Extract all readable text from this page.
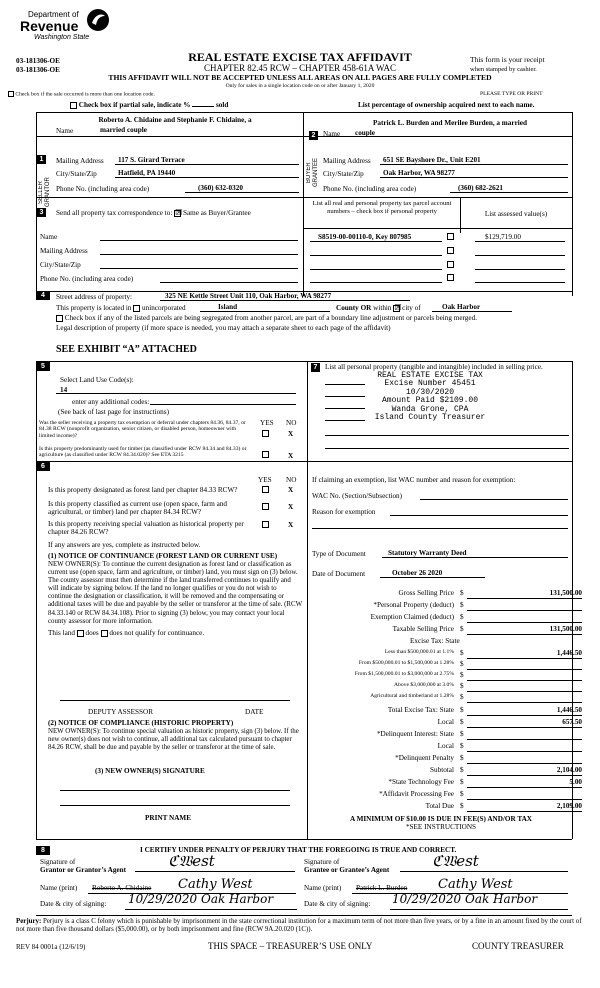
Department of
Revenue
Washington State
03-181306-OE
03-181306-OE
REAL ESTATE EXCISE TAX AFFIDAVIT
CHAPTER 82.45 RCW – CHAPTER 458-61A WAC
This form is your receipt
when stamped by cashier.
THIS AFFIDAVIT WILL NOT BE ACCEPTED UNLESS ALL AREAS ON ALL PAGES ARE FULLY COMPLETED
Only for sales in a single location code on or after January 1, 2020
Check box if the sale occurred is more than one location code.	PLEASE TYPE OR PRINT
Check box if partial sale, indicate %	sold	List percentage of ownership acquired next to each name.
1
SELLER GRANTOR
Roberto A. Chidaine and Stephanie F. Chidaine, a
Name	married couple
Mailing Address 117 S. Girard Terrace
City/State/Zip	Hatfield, PA 19440
Phone No. (including area code)	(360) 632-0320
2
BUYER GRANTEE
Patrick L. Burden and Merilee Burden, a married
Name couple
Mailing Address 651 SE Bayshore Dr., Unit E201
City/State/Zip	Oak Harbor, WA 98277
Phone No. (including area code)	(360) 682-2621
3	Send all property tax correspondence to: ☒ Same as Buyer/Grantee
Name
Mailing Address
City/State/Zip
Phone No. (including area code)
List all real and personal property tax parcel account numbers – check box if personal property	List assessed value(s)
S8519-00-00110-0, Key 807985	$129,719.00
4	Street address of property:	325 NE Kettle Street Unit 110, Oak Harbor, WA 98277
This property is located in unincorporated	Island	County OR within ☒ city of	Oak Harbor
Check box if any of the listed parcels are being segregated from another parcel, are part of a boundary line adjustment or parcels being merged.
Legal description of property (if more space is needed, you may attach a separate sheet to each page of the affidavit)
SEE EXHIBIT “A” ATTACHED
5
Select Land Use Code(s):
14
enter any additional codes:
(See back of last page for instructions)
YES NO
Was the seller receiving a property tax exemption or deferral under chapters 84.36, 84.37, or 84.38 RCW (nonprofit organization, senior citizen, or disabled person, homeowner with limited income)?	X
Is this property predominantly used for timber (as classified under RCW 84.34 and 84.33) or agriculture (as classified under RCW 84.34.020)? See ETA 3215	X
7	List all personal property (tangible and intangible) included in selling price.
REAL ESTATE EXCISE TAX
Excise Number 45451
10/30/2020
Amount Paid $2109.00
Wanda Grone, CPA
Island County Treasurer
6
YES NO
Is this property designated as forest land per chapter 84.33 RCW?	X
Is this property classified as current use (open space, farm and agricultural, or timber) land per chapter 84.34 RCW?
X
Is this property receiving special valuation as historical property per chapter 84.26 RCW?
X
If any answers are yes, complete as instructed below.
(1) NOTICE OF CONTINUANCE (FOREST LAND OR CURRENT USE)
NEW OWNER(S): To continue the current designation as forest land or classification as current use (open space, farm and agriculture, or timber) land, you must sign on (3) below. The county assessor must then determine if the land transferred continues to qualify and will indicate by signing below. If the land no longer qualifies or you do not wish to continue the designation or classification, it will be removed and the compensating or additional taxes will be due and payable by the seller or transferor at the time of sale. (RCW 84.33.140 or RCW 84.34.108). Prior to signing (3) below, you may contact your local county assessor for more information.
This land does does not qualify for continuance.
DEPUTY ASSESSOR	DATE
(2) NOTICE OF COMPLIANCE (HISTORIC PROPERTY)
NEW OWNER(S): To continue special valuation as historic property, sign (3) below. If the new owner(s) does not wish to continue, all additional tax calculated pursuant to chapter 84.26 RCW, shall be due and payable by the seller or transferor at the time of sale.
(3) NEW OWNER(S) SIGNATURE
PRINT NAME
If claiming an exemption, list WAC number and reason for exemption:
WAC No. (Section/Subsection)
Reason for exemption
Type of Document	Statutory Warranty Deed
Date of Document	October 26 2020
Gross Selling Price $	131,500.00
*Personal Property (deduct) $
Exemption Claimed (deduct) $
Taxable Selling Price $	131,500.00
Excise Tax: State
Less than $500,000.01 at 1.1% $	1,446.50
From $500,000.01 to $1,500,000 at 1.28% $
From $1,500,000.01 to $3,000,000 at 2.75% $
Above $3,000,000 at 3.0% $
Agricultural and timberland at 1.28% $
Total Excise Tax: State $	1,446.50
Local $	657.50
*Delinquent Interest: State $
Local $
*Delinquent Penalty $
Subtotal $	2,104.00
*State Technology Fee $	5.00
*Affidavit Processing Fee $
Total Due $	2,109.00
A MINIMUM OF $10.00 IS DUE IN FEE(S) AND/OR TAX
*SEE INSTRUCTIONS
8	I CERTIFY UNDER PENALTY OF PERJURY THAT THE FOREGOING IS TRUE AND CORRECT.
Signature of
Grantor or Grantor’s Agent
ℭ𝔚est
Name (print) Roberto A. Chidaine Cathy West
Date & city of signing: 10/29/2020 Oak Harbor
Signature of
Grantee or Grantee’s Agent
ℭ𝔚est
Name (print) Patrick L. Burden Cathy West
Date & city of signing: 10/29/2020 Oak Harbor
Perjury: Perjury is a class C felony which is punishable by imprisonment in the state correctional institution for a maximum term of not more than five years, or by a fine in an amount fixed by the court of not more than five thousand dollars ($5,000.00), or by both imprisonment and fine (RCW 9A.20.020 (1C)).
REV 84 0001a (12/6/19)	THIS SPACE – TREASURER’S USE ONLY	COUNTY TREASURER
